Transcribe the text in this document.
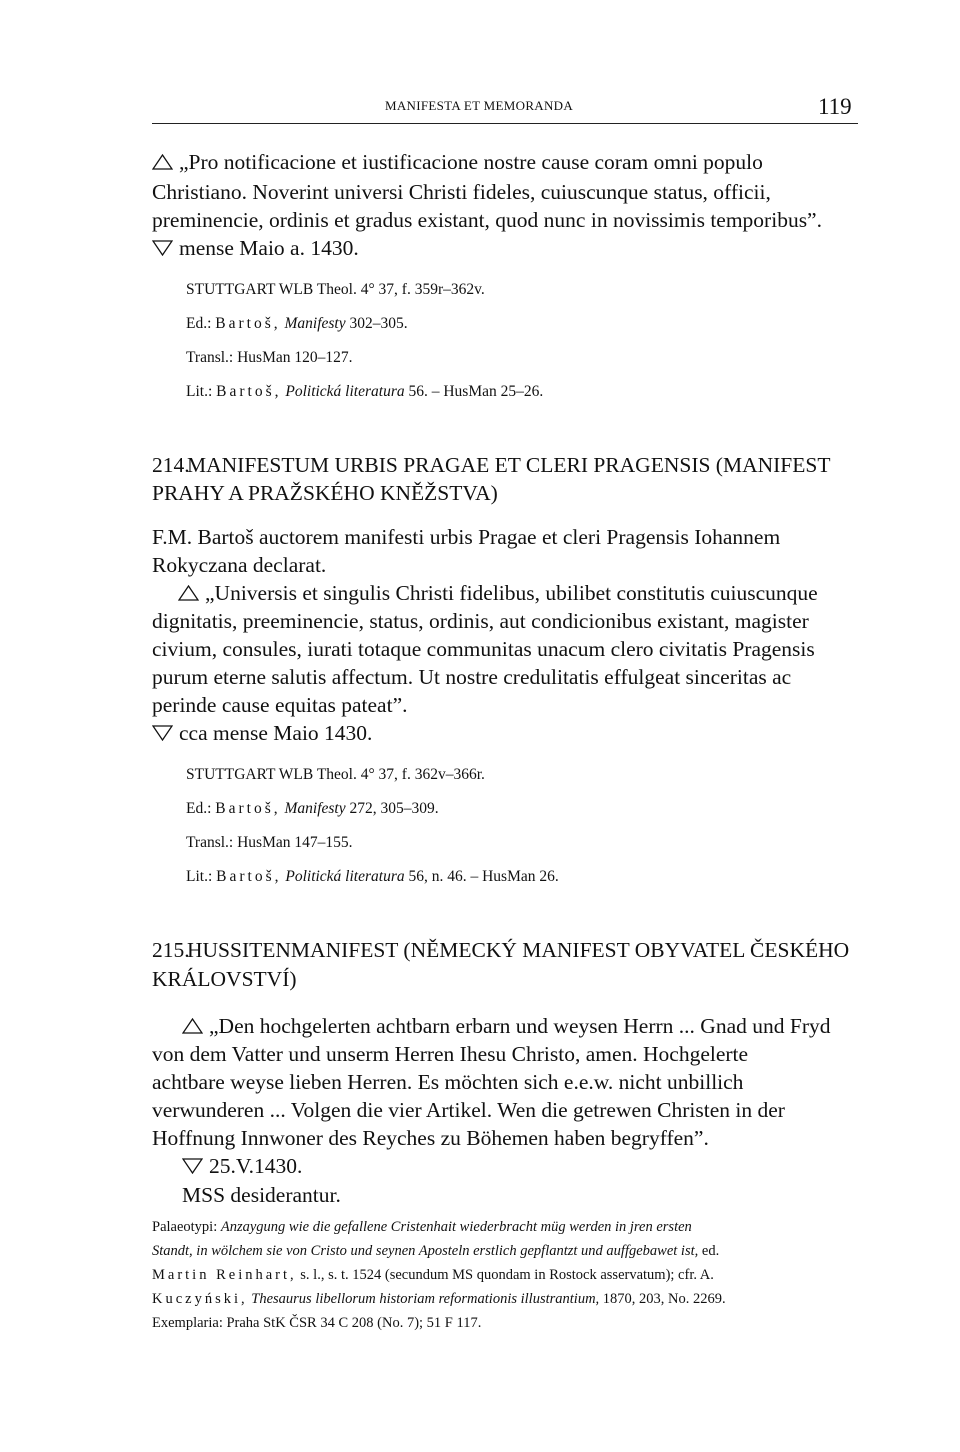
MANIFESTA ET MEMORANDA	119
„Pro notificacione et iustificacione nostre cause coram omni populo
Christiano. Noverint universi Christi fideles, cuiuscunque status, officii,
preminencie, ordinis et gradus existant, quod nunc in novissimis temporibus”.
mense Maio a. 1430.
STUTTGART WLB Theol. 4° 37, f. 359r–362v.
Ed.: Bartoš, Manifesty 302–305.
Transl.: HusMan 120–127.
Lit.: Bartoš, Politická literatura 56. – HusMan 25–26.
214.
MANIFESTUM URBIS PRAGAE ET CLERI PRAGENSIS (MANIFEST
PRAHY A PRAŽSKÉHO KNĚŽSTVA)
F.M. Bartoš auctorem manifesti urbis Pragae et cleri Pragensis Iohannem
Rokyczana declarat.
„Universis et singulis Christi fidelibus, ubilibet constitutis cuiuscunque
dignitatis, preeminencie, status, ordinis, aut condicionibus existant, magister
civium, consules, iurati totaque communitas unacum clero civitatis Pragensis
purum eterne salutis affectum. Ut nostre credulitatis effulgeat sinceritas ac
perinde cause equitas pateat”.
cca mense Maio 1430.
STUTTGART WLB Theol. 4° 37, f. 362v–366r.
Ed.: Bartoš, Manifesty 272, 305–309.
Transl.: HusMan 147–155.
Lit.: Bartoš, Politická literatura 56, n. 46. – HusMan 26.
215.
HUSSITENMANIFEST (NĚMECKÝ MANIFEST OBYVATEL ČESKÉHO
KRÁLOVSTVÍ)
„Den hochgelerten achtbarn erbarn und weysen Herrn ... Gnad und Fryd
von dem Vatter und unserm Herren Ihesu Christo, amen. Hochgelerte
achtbare weyse lieben Herren. Es möchten sich e.e.w. nicht unbillich
verwunderen ... Volgen die vier Artikel. Wen die getrewen Christen in der
Hoffnung Innwoner des Reyches zu Böhemen haben begryffen”.
25.V.1430.
MSS desiderantur.
Palaeotypi: Anzaygung wie die gefallene Cristenhait wiederbracht müg werden in jren ersten
Standt, in wölchem sie von Cristo und seynen Aposteln erstlich gepflantzt und auffgebawet ist, ed.
Martin Reinhart, s. l., s. t. 1524 (secundum MS quondam in Rostock asservatum); cfr. A.
Kuczyński, Thesaurus libellorum historiam reformationis illustrantium, 1870, 203, No. 2269.
Exemplaria: Praha StK ČSR 34 C 208 (No. 7); 51 F 117.
